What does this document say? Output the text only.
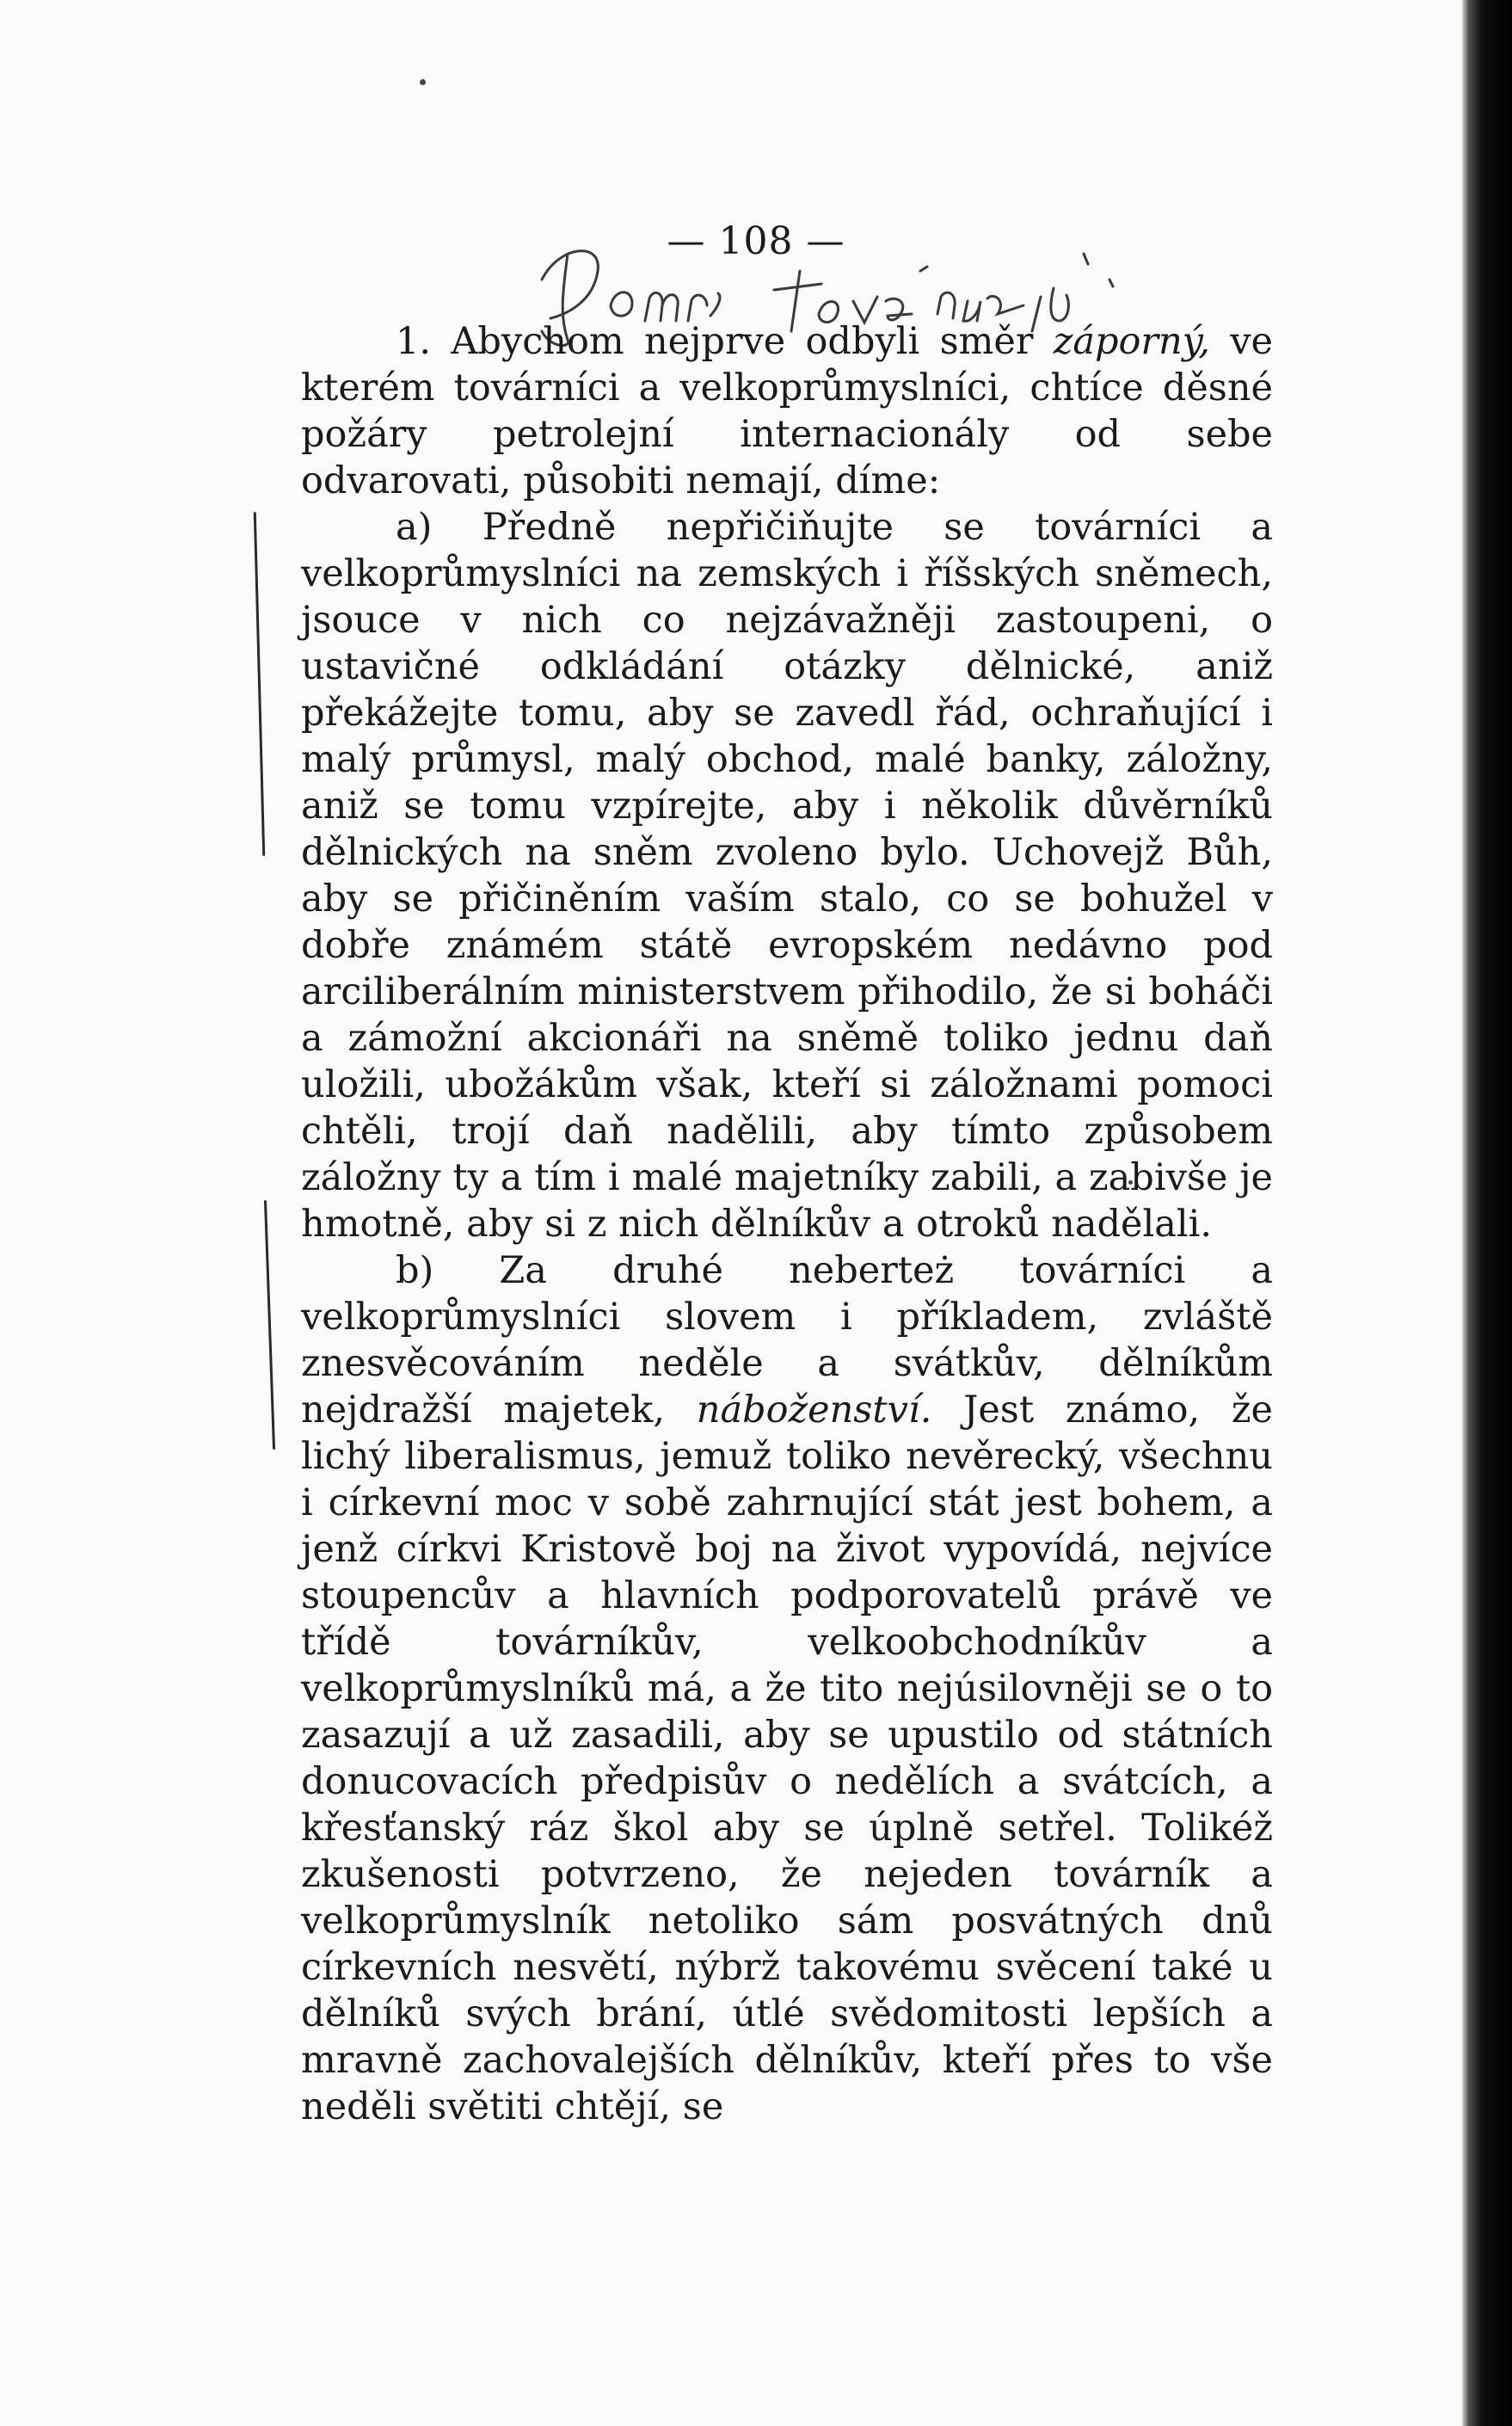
— 108 —

1. Abychom nejprve odbyli směr záporný, ve kterém továrníci a velkoprůmyslníci, chtíce děsné požáry petrolejní internacionály od sebe odvarovati, působiti nemají, díme:

a) Předně nepřičiňujte se továrníci a velkoprůmyslníci na zemských i říšských sněmech, jsouce v nich co nejzávažněji zastoupeni, o ustavičné odkládání otázky dělnické, aniž překážejte tomu, aby se zavedl řád, ochraňující i malý průmysl, malý obchod, malé banky, záložny, aniž se tomu vzpírejte, aby i několik důvěrníků dělnických na sněm zvoleno bylo. Uchovejž Bůh, aby se přičiněním vaším stalo, co se bohužel v dobře známém státě evropském nedávno pod arciliberálním ministerstvem přihodilo, že si boháči a zámožní akcionáři na sněmě toliko jednu daň uložili, ubožákům však, kteří si záložnami pomoci chtěli, trojí daň nadělili, aby tímto způsobem záložny ty a tím i malé majetníky zabili, a zabivše je hmotně, aby si z nich dělníkův a otroků nadělali.

b) Za druhé neberteż továrníci a velkoprůmyslníci slovem i příkladem, zvláště znesvěcováním neděle a svátkův, dělníkům nejdražší majetek, náboženství. Jest známo, že lichý liberalismus, jemuž toliko nevěrecký, všechnu i církevní moc v sobě zahrnující stát jest bohem, a jenž církvi Kristově boj na život vypovídá, nejvíce stoupencův a hlavních podporovatelů právě ve třídě továrníkův, velkoobchodníkův a velkoprůmyslníků má, a že tito nejúsilovněji se o to zasazují a už zasadili, aby se upustilo od státních donucovacích předpisův o nedělích a svátcích, a křesťanský ráz škol aby se úplně setřel. Tolikéž zkušenosti potvrzeno, že nejeden továrník a velkoprůmyslník netoliko sám posvátných dnů církevních nesvětí, nýbrž takovému svěcení také u dělníků svých brání, útlé svědomitosti lepších a mravně zachovalejších dělníkův, kteří přes to vše neděli světiti chtějí, se
